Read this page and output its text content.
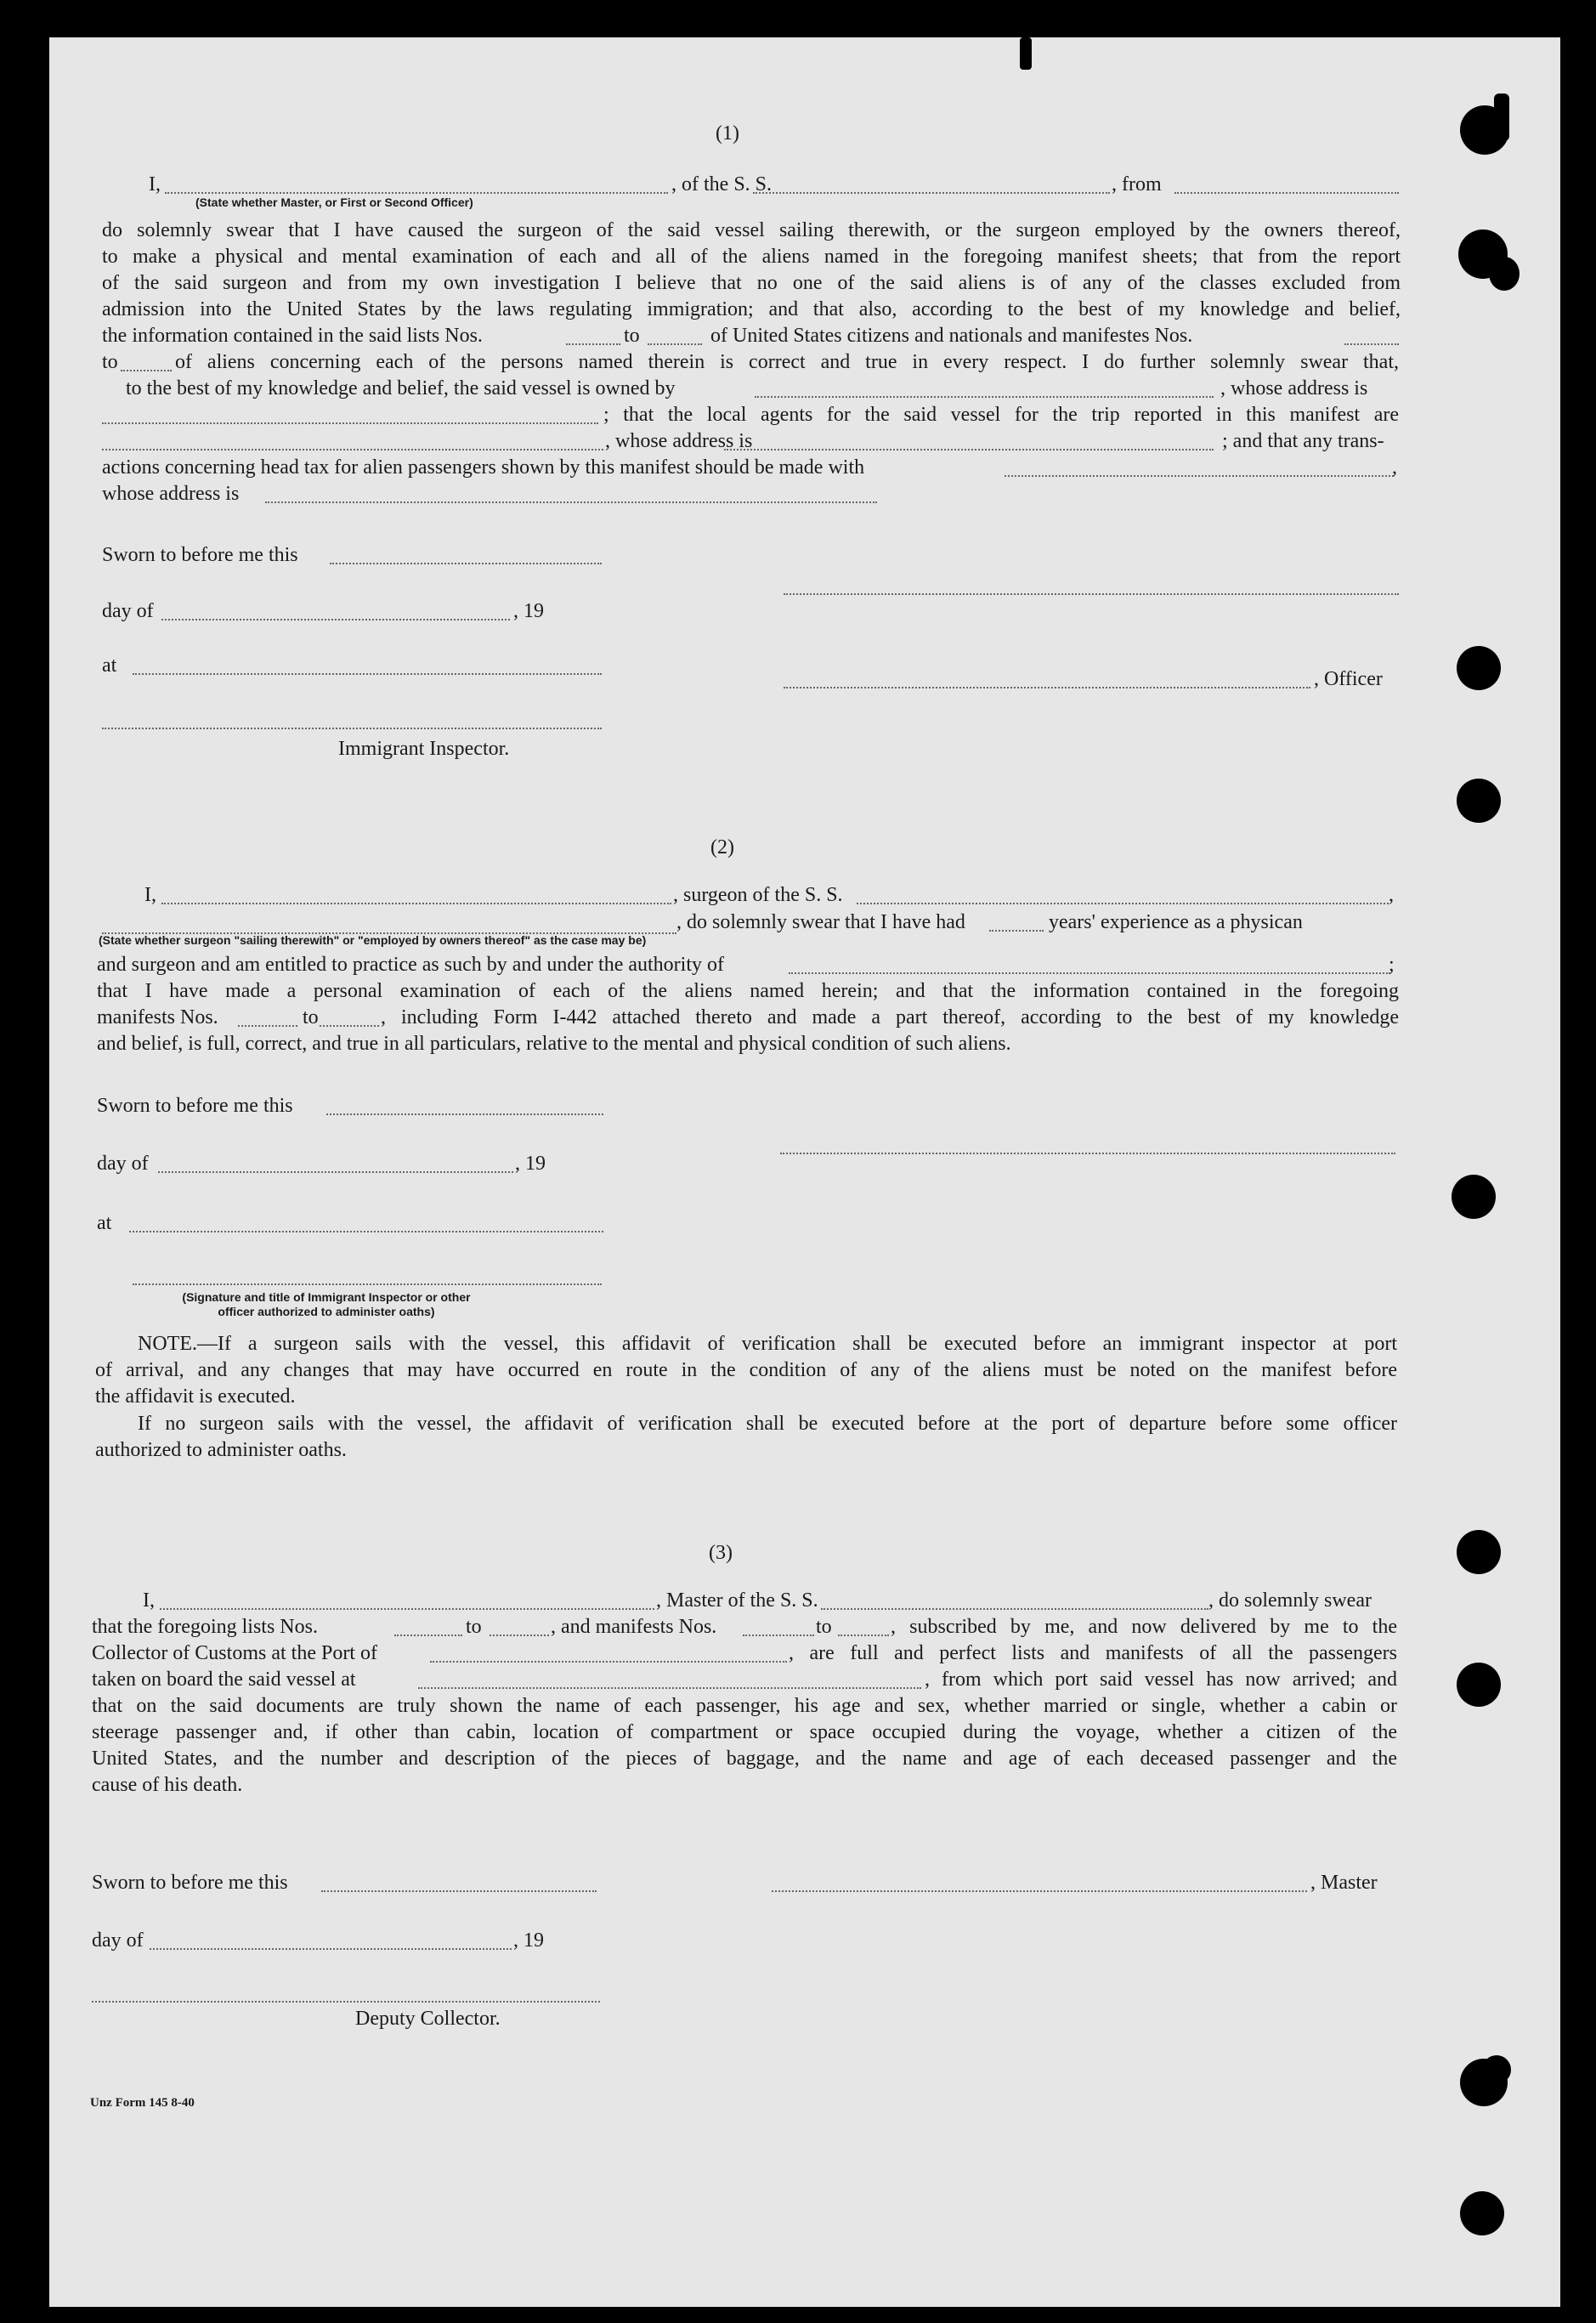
(1)
I,	, of the S. S.	, from
(State whether Master, or First or Second Officer)
do solemnly swear that I have caused the surgeon of the said vessel sailing therewith, or the surgeon employed by the owners thereof,
to make a physical and mental examination of each and all of the aliens named in the foregoing manifest sheets; that from the report
of the said surgeon and from my own investigation I believe that no one of the said aliens is of any of the classes excluded from
admission into the United States by the laws regulating immigration; and that also, according to the best of my knowledge and belief,
the information contained in the said lists Nos.	to	of United States citizens and nationals and manifestes Nos.
to	of aliens concerning each of the persons named therein is correct and true in every respect. I do further solemnly swear that,
to the best of my knowledge and belief, the said vessel is owned by	, whose address is
; that the local agents for the said vessel for the trip reported in this manifest are
, whose address is	; and that any trans-
actions concerning head tax for alien passengers shown by this manifest should be made with	,
whose address is
Sworn to before me this
day of	, 19
at
, Officer
Immigrant Inspector.
(2)
I,	, surgeon of the S. S.	,
, do solemnly swear that I have had	years' experience as a physican
(State whether surgeon "sailing therewith" or "employed by owners thereof" as the case may be)
and surgeon and am entitled to practice as such by and under the authority of	;
that I have made a personal examination of each of the aliens named herein; and that the information contained in the foregoing
manifests Nos.	to	, including Form I-442 attached thereto and made a part thereof, according to the best of my knowledge
and belief, is full, correct, and true in all particulars, relative to the mental and physical condition of such aliens.
Sworn to before me this
day of	, 19
at
(Signature and title of Immigrant Inspector or other
officer authorized to administer oaths)
NOTE.—If a surgeon sails with the vessel, this affidavit of verification shall be executed before an immigrant inspector at port
of arrival, and any changes that may have occurred en route in the condition of any of the aliens must be noted on the manifest before
the affidavit is executed.
If no surgeon sails with the vessel, the affidavit of verification shall be executed before at the port of departure before some officer
authorized to administer oaths.
(3)
I,	, Master of the S. S.	, do solemnly swear
that the foregoing lists Nos.	to	, and manifests Nos.	to	, subscribed by me, and now delivered by me to the
Collector of Customs at the Port of	, are full and perfect lists and manifests of all the passengers
taken on board the said vessel at	, from which port said vessel has now arrived; and
that on the said documents are truly shown the name of each passenger, his age and sex, whether married or single, whether a cabin or
steerage passenger and, if other than cabin, location of compartment or space occupied during the voyage, whether a citizen of the
United States, and the number and description of the pieces of baggage, and the name and age of each deceased passenger and the
cause of his death.
Sworn to before me this	, Master
day of	, 19
Deputy Collector.
Unz Form 145 8-40
